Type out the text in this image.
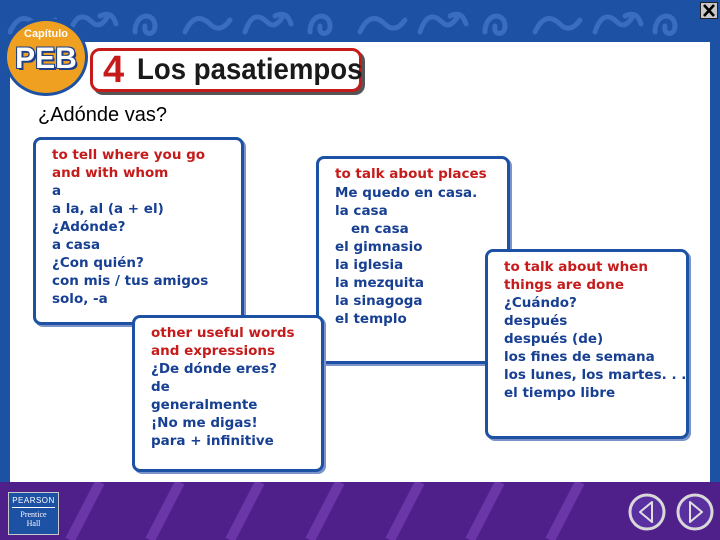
Capítulo
PEB 4 Los pasatiempos
¿Adónde vas?
to tell where you go
and with whom
a
a la, al (a + el)
¿Adónde?
a casa
¿Con quién?
con mis / tus amigos
solo, -a
to talk about places
Me quedo en casa.
la casa
en casa
el gimnasio
la iglesia
la mezquita
la sinagoga
el templo
to talk about when
things are done
¿Cuándo?
después
después (de)
los fines de semana
los lunes, los martes. . .
el tiempo libre
other useful words
and expressions
¿De dónde eres?
de
generalmente
¡No me digas!
para + infinitive
PEARSON
Prentice
Hall
